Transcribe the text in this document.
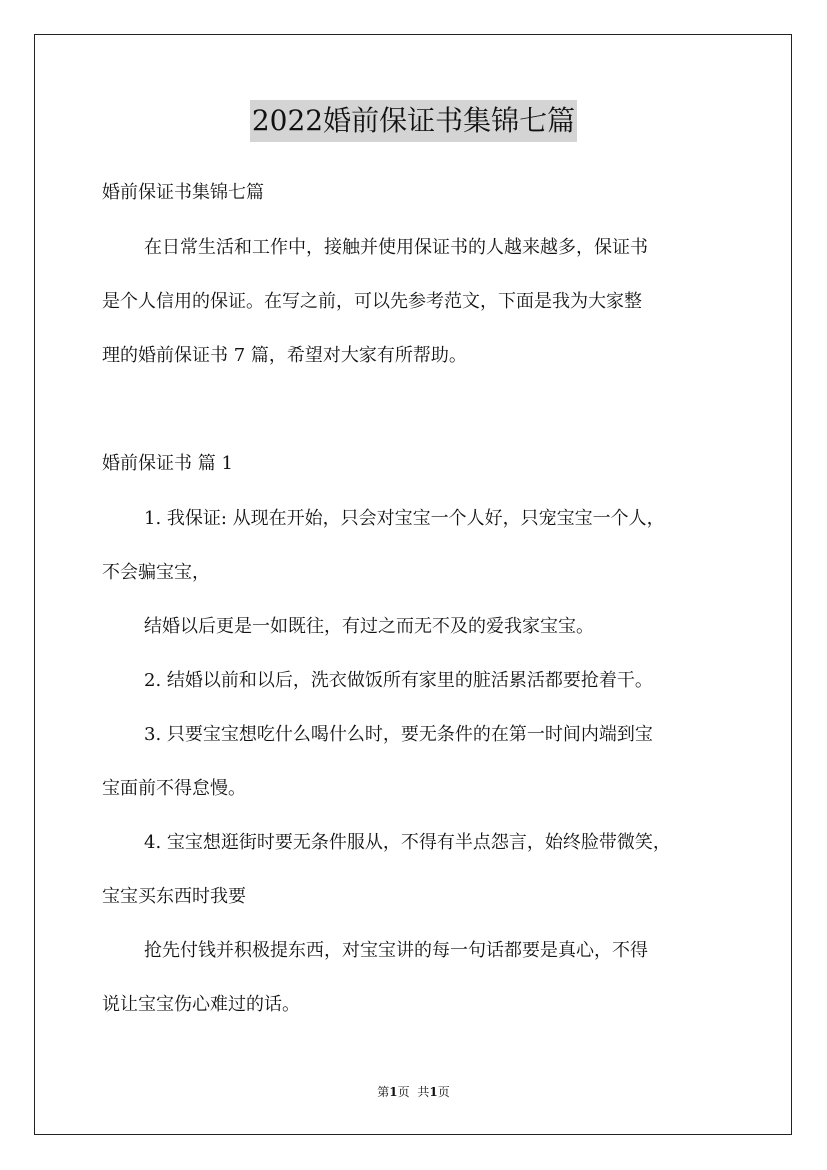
2022婚前保证书集锦七篇
婚前保证书集锦七篇
在日常生活和工作中，接触并使用保证书的人越来越多，保证书
是个人信用的保证。在写之前，可以先参考范文，下面是我为大家整
理的婚前保证书 7 篇，希望对大家有所帮助。
婚前保证书 篇 1
1. 我保证: 从现在开始，只会对宝宝一个人好，只宠宝宝一个人，
不会骗宝宝，
结婚以后更是一如既往，有过之而无不及的爱我家宝宝。
2. 结婚以前和以后，洗衣做饭所有家里的脏活累活都要抢着干。
3. 只要宝宝想吃什么喝什么时，要无条件的在第一时间内端到宝
宝面前不得怠慢。
4. 宝宝想逛街时要无条件服从，不得有半点怨言，始终脸带微笑，
宝宝买东西时我要
抢先付钱并积极提东西，对宝宝讲的每一句话都要是真心，不得
说让宝宝伤心难过的话。
第1页 共1页
